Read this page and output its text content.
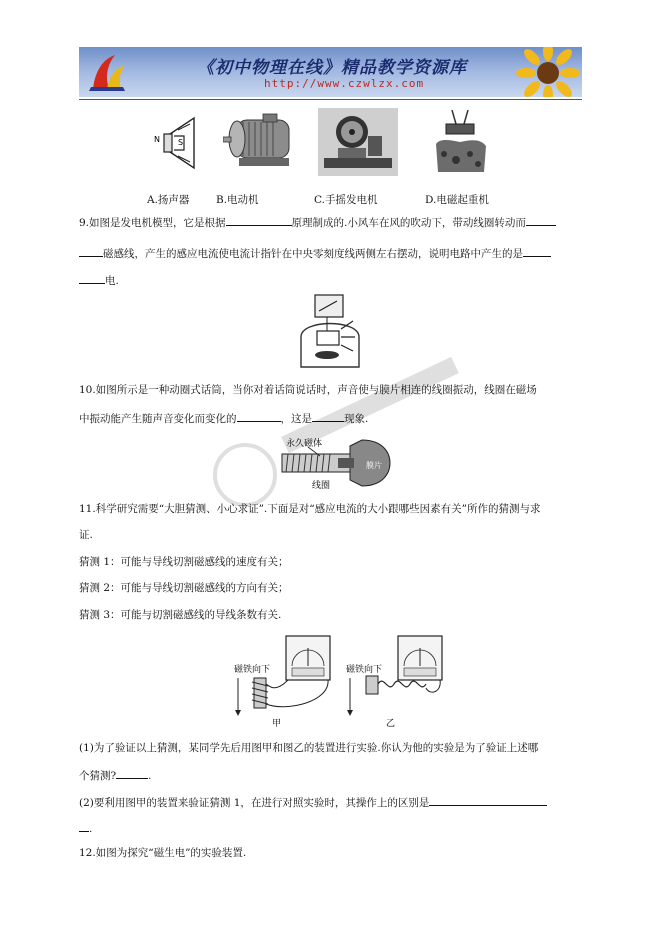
《初中物理在线》精品教学资源库
http://www.czwlzx.com
N S
A.扬声器	B.电动机	C.手摇发电机	D.电磁起重机
9.如图是发电机模型，它是根据	原理制成的.小风车在风的吹动下，带动线圈转动而
磁感线，产生的感应电流使电流计指针在中央零刻度线两侧左右摆动，说明电路中产生的是
电.
10.如图所示是一种动圈式话筒，当你对着话筒说话时，声音使与膜片相连的线圈振动，线圈在磁场
中振动能产生随声音变化而变化的	，这是	现象.
永久磁体
膜片
线圈
11.科学研究需要“大胆猜测、小心求证”.下面是对“感应电流的大小跟哪些因素有关”所作的猜测与求
证.
猜测 1：可能与导线切割磁感线的速度有关；
猜测 2：可能与导线切割磁感线的方向有关；
猜测 3：可能与切割磁感线的导线条数有关.
磁铁向下
甲
磁铁向下
乙
(1)为了验证以上猜测，某同学先后用图甲和图乙的装置进行实验.你认为他的实验是为了验证上述哪
个猜测?	.
(2)要利用图甲的装置来验证猜测 1，在进行对照实验时，其操作上的区别是
.
12.如图为探究“磁生电”的实验装置.
